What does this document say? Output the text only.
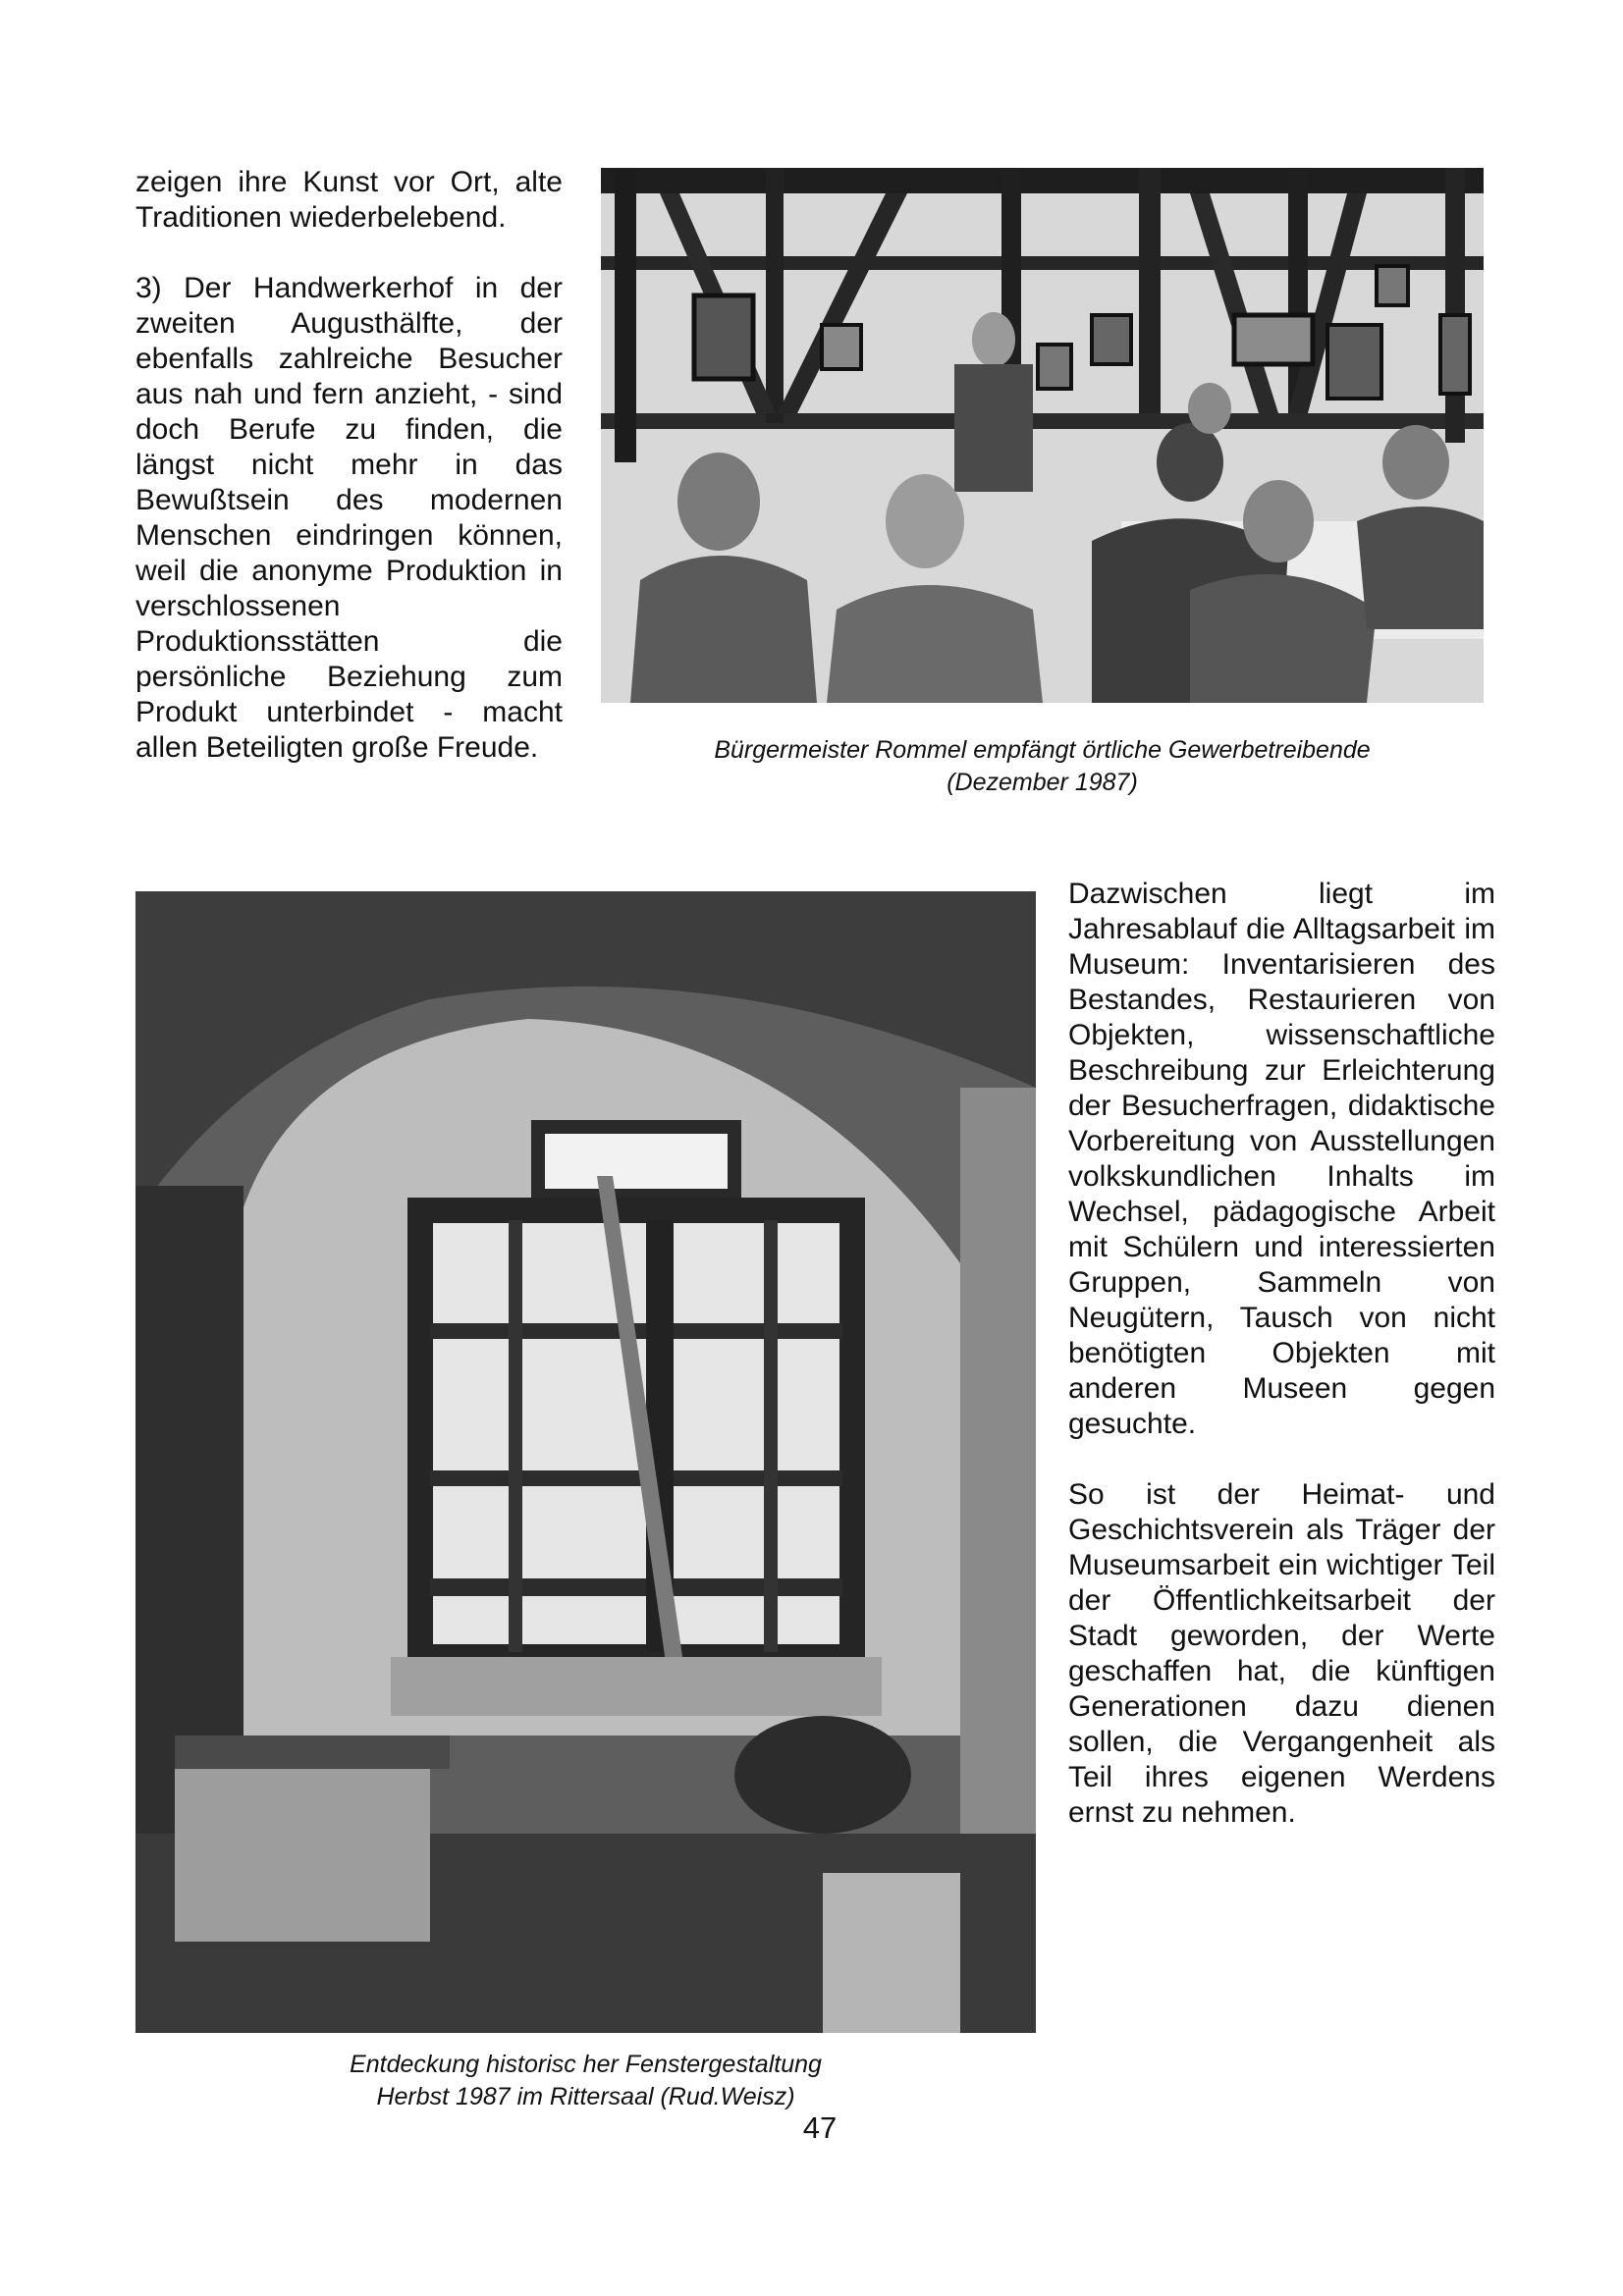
zeigen ihre Kunst vor Ort, alte Traditionen wiederbelebend.

3) Der Handwerkerhof in der zweiten Augusthälfte, der ebenfalls zahlreiche Besucher aus nah und fern anzieht, - sind doch Berufe zu finden, die längst nicht mehr in das Bewußtsein des modernen Menschen eindringen können, weil die anonyme Produktion in verschlossenen Produktionsstätten die persönliche Beziehung zum Produkt unterbindet - macht allen Beteiligten große Freude.	Bürgermeister Rommel empfängt örtliche Gewerbetreibende
(Dezember 1987)
Entdeckung historisc her Fenstergestaltung
Herbst 1987 im Rittersaal (Rud.Weisz)

Dazwischen liegt im Jahresablauf die Alltagsarbeit im Museum: Inventarisieren des Bestandes, Restaurieren von Objekten, wissenschaftliche Beschreibung zur Erleichterung der Besucherfragen, didaktische Vorbereitung von Ausstellungen volkskundlichen Inhalts im Wechsel, pädagogische Arbeit mit Schülern und interessierten Gruppen, Sammeln von Neugütern, Tausch von nicht benötigten Objekten mit anderen Museen gegen gesuchte.

So ist der Heimat- und Geschichtsverein als Träger der Museumsarbeit ein wichtiger Teil der Öffentlichkeitsarbeit der Stadt geworden, der Werte geschaffen hat, die künftigen Generationen dazu dienen sollen, die Vergangenheit als Teil ihres eigenen Werdens ernst zu nehmen.

47
